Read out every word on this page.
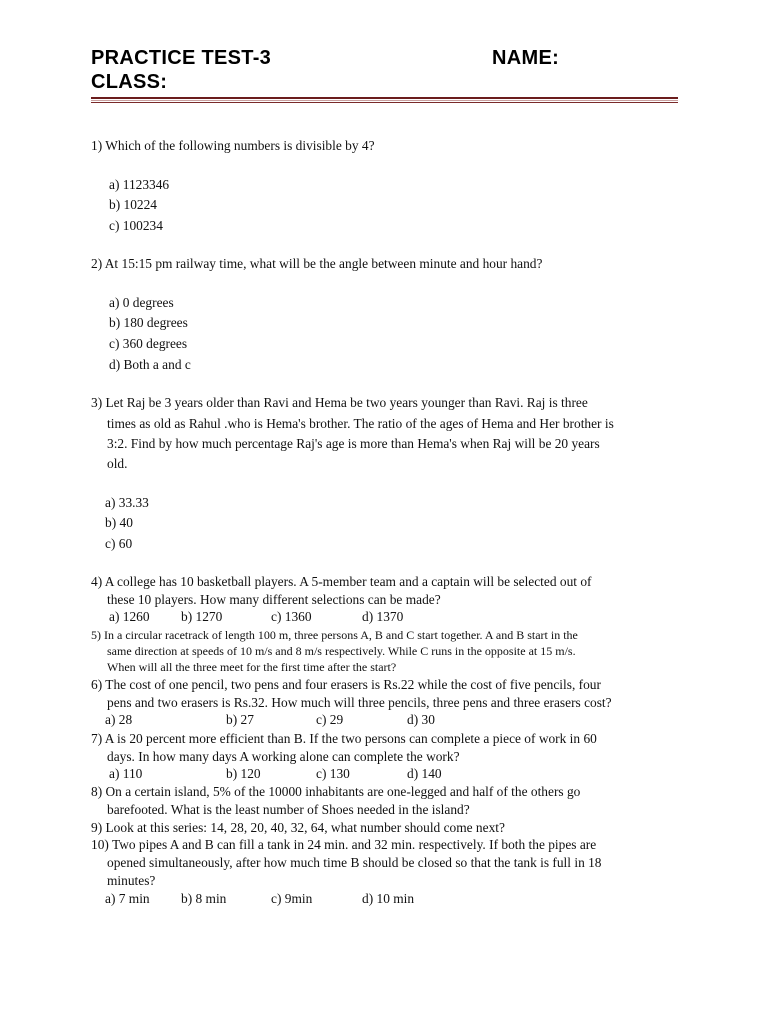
PRACTICE TEST-3	NAME:
CLASS:
1) Which of the following numbers is divisible by 4?
a) 1123346
b) 10224
c) 100234
2) At 15:15 pm railway time, what will be the angle between minute and hour hand?
a) 0 degrees
b) 180 degrees
c) 360 degrees
d) Both a and c
3) Let Raj be 3 years older than Ravi and Hema be two years younger than Ravi. Raj is three
times as old as Rahul .who is Hema's brother. The ratio of the ages of Hema and Her brother is
3:2. Find by how much percentage Raj's age is more than Hema's when Raj will be 20 years
old.
a) 33.33
b) 40
c) 60
4) A college has 10 basketball players. A 5-member team and a captain will be selected out of
these 10 players. How many different selections can be made?
a) 1260 b) 1270	c) 1360	d) 1370
5) In a circular racetrack of length 100 m, three persons A, B and C start together. A and B start in the
same direction at speeds of 10 m/s and 8 m/s respectively. While C runs in the opposite at 15 m/s.
When will all the three meet for the first time after the start?
6) The cost of one pencil, two pens and four erasers is Rs.22 while the cost of five pencils, four
pens and two erasers is Rs.32. How much will three pencils, three pens and three erasers cost?
a) 28	b) 27	c) 29	d) 30
7) A is 20 percent more efficient than B. If the two persons can complete a piece of work in 60
days. In how many days A working alone can complete the work?
a) 110	b) 120	c) 130	d) 140
8) On a certain island, 5% of the 10000 inhabitants are one-legged and half of the others go
barefooted. What is the least number of Shoes needed in the island?
9) Look at this series: 14, 28, 20, 40, 32, 64, what number should come next?
10) Two pipes A and B can fill a tank in 24 min. and 32 min. respectively. If both the pipes are
opened simultaneously, after how much time B should be closed so that the tank is full in 18
minutes?
a) 7 min b) 8 min	c) 9min	d) 10 min
